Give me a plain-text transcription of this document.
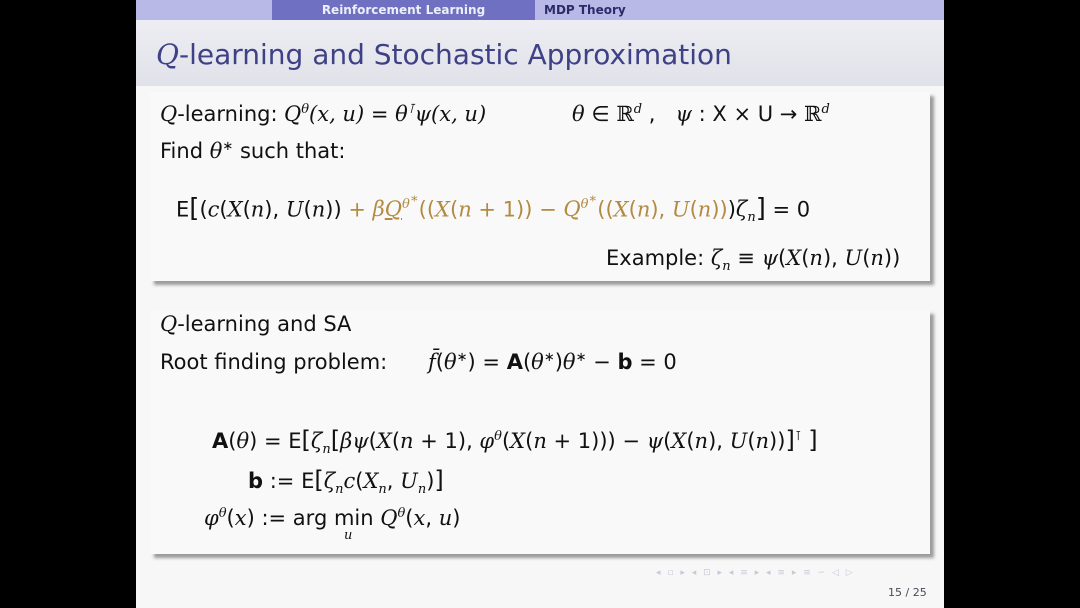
Reinforcement Learning	MDP Theory
Q-learning and Stochastic Approximation
Q-learning: $Q^\theta(x$, u) = θ⊺ψ(x, u)	θ ∈ ℝ$^d$ ,   ψ : X × U → ℝ$^d$
Find θ∗ such that:
E[(c(X(n), $U(n)) + \beta Q^{\theta^∗}((X(n + 1)) - Q^{\theta^∗}((X(n)$, $U(n)))\zeta_n] = 0$
Example: $\zeta_n \equiv \psi(X(n)$, U(n))
Q-learning and SA
Root finding problem: f̄(θ∗) = A(θ∗)θ∗ − b = 0
$A(\theta) = E[\zeta_n[\beta\psi(X(n + 1)$, $\varphi^\theta(X(n + 1))) - \psi(X(n)$, U(n))]⊺ ]
b := $E[\zeta_nc(X_n$, $U_n$)]
$\varphi^\theta(x)$ := arg min
u
$Q^\theta(x$, u)
◂ ▫ ▸ ◂ ⊡ ▸ ◂ ≡ ▸ ◂ ≡ ▸ ≡ ∽ ◁ ▷
15 / 25
